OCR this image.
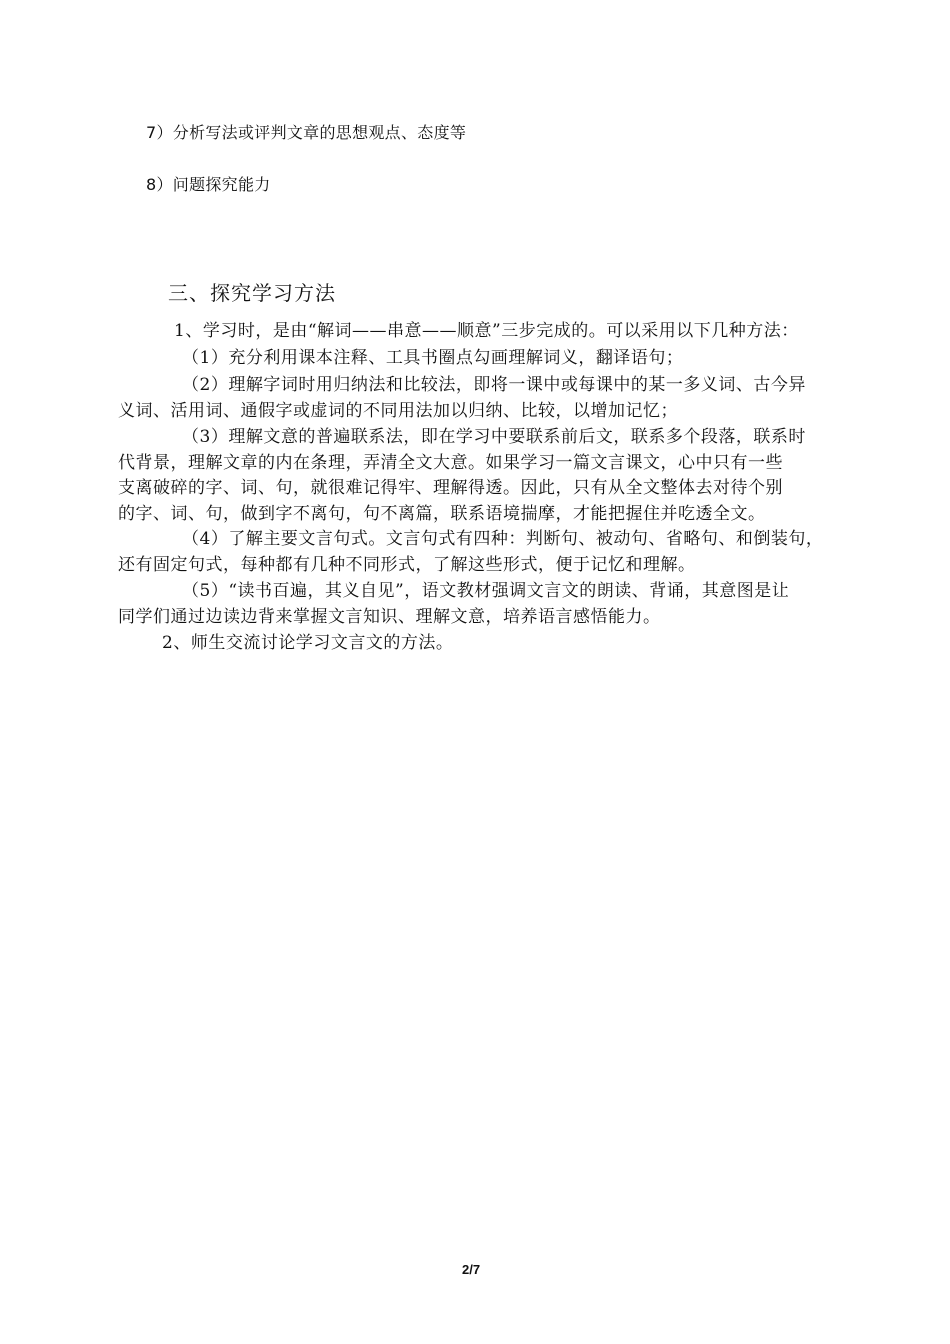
7）分析写法或评判文章的思想观点、态度等
8）问题探究能力
三、探究学习方法
1、学习时，是由“解词——串意——顺意”三步完成的。可以采用以下几种方法：
（1）充分利用课本注释、工具书圈点勾画理解词义，翻译语句；
（2）理解字词时用归纳法和比较法，即将一课中或每课中的某一多义词、古今异
义词、活用词、通假字或虚词的不同用法加以归纳、比较，以增加记忆；
（3）理解文意的普遍联系法，即在学习中要联系前后文，联系多个段落，联系时
代背景，理解文章的内在条理，弄清全文大意。如果学习一篇文言课文，心中只有一些
支离破碎的字、词、句，就很难记得牢、理解得透。因此，只有从全文整体去对待个别
的字、词、句，做到字不离句，句不离篇，联系语境揣摩，才能把握住并吃透全文。
（4）了解主要文言句式。文言句式有四种：判断句、被动句、省略句、和倒装句，
还有固定句式，每种都有几种不同形式，了解这些形式，便于记忆和理解。
（5）“读书百遍，其义自见”，语文教材强调文言文的朗读、背诵，其意图是让
同学们通过边读边背来掌握文言知识、理解文意，培养语言感悟能力。
2、师生交流讨论学习文言文的方法。
2/7
